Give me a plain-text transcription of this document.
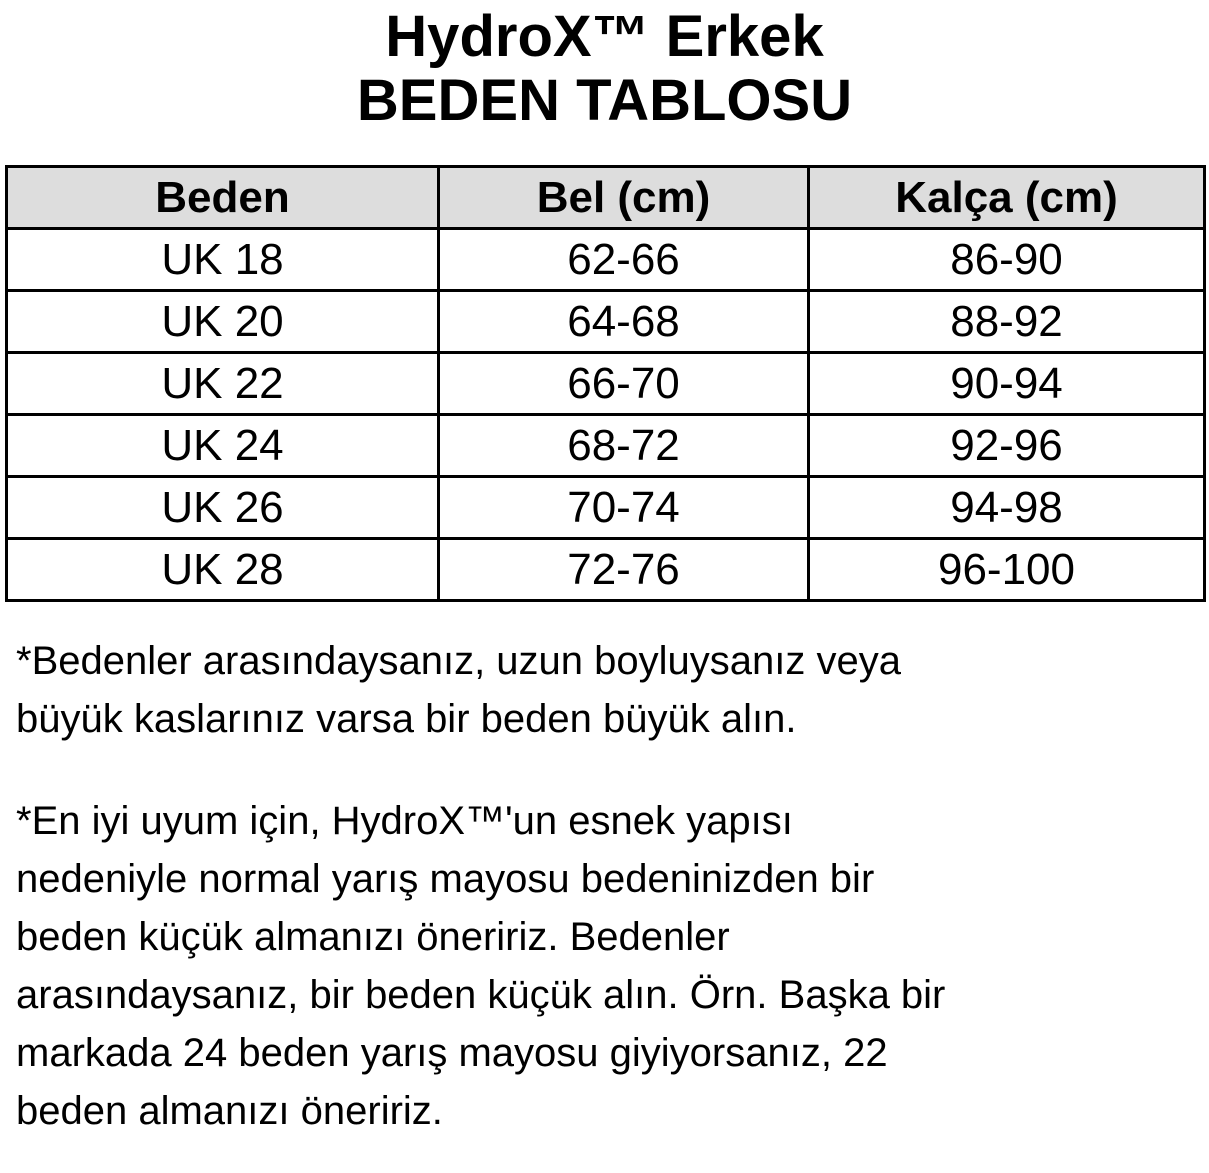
HydroX™ Erkek
BEDEN TABLOSU
Beden	Bel (cm)	Kalça (cm)
UK 18	62-66	86-90
UK 20	64-68	88-92
UK 22	66-70	90-94
UK 24	68-72	92-96
UK 26	70-74	94-98
UK 28	72-76	96-100

*Bedenler arasındaysanız, uzun boyluysanız veya
büyük kaslarınız varsa bir beden büyük alın.

*En iyi uyum için, HydroX™'un esnek yapısı
nedeniyle normal yarış mayosu bedeninizden bir
beden küçük almanızı öneririz. Bedenler
arasındaysanız, bir beden küçük alın. Örn. Başka bir
markada 24 beden yarış mayosu giyiyorsanız, 22
beden almanızı öneririz.
